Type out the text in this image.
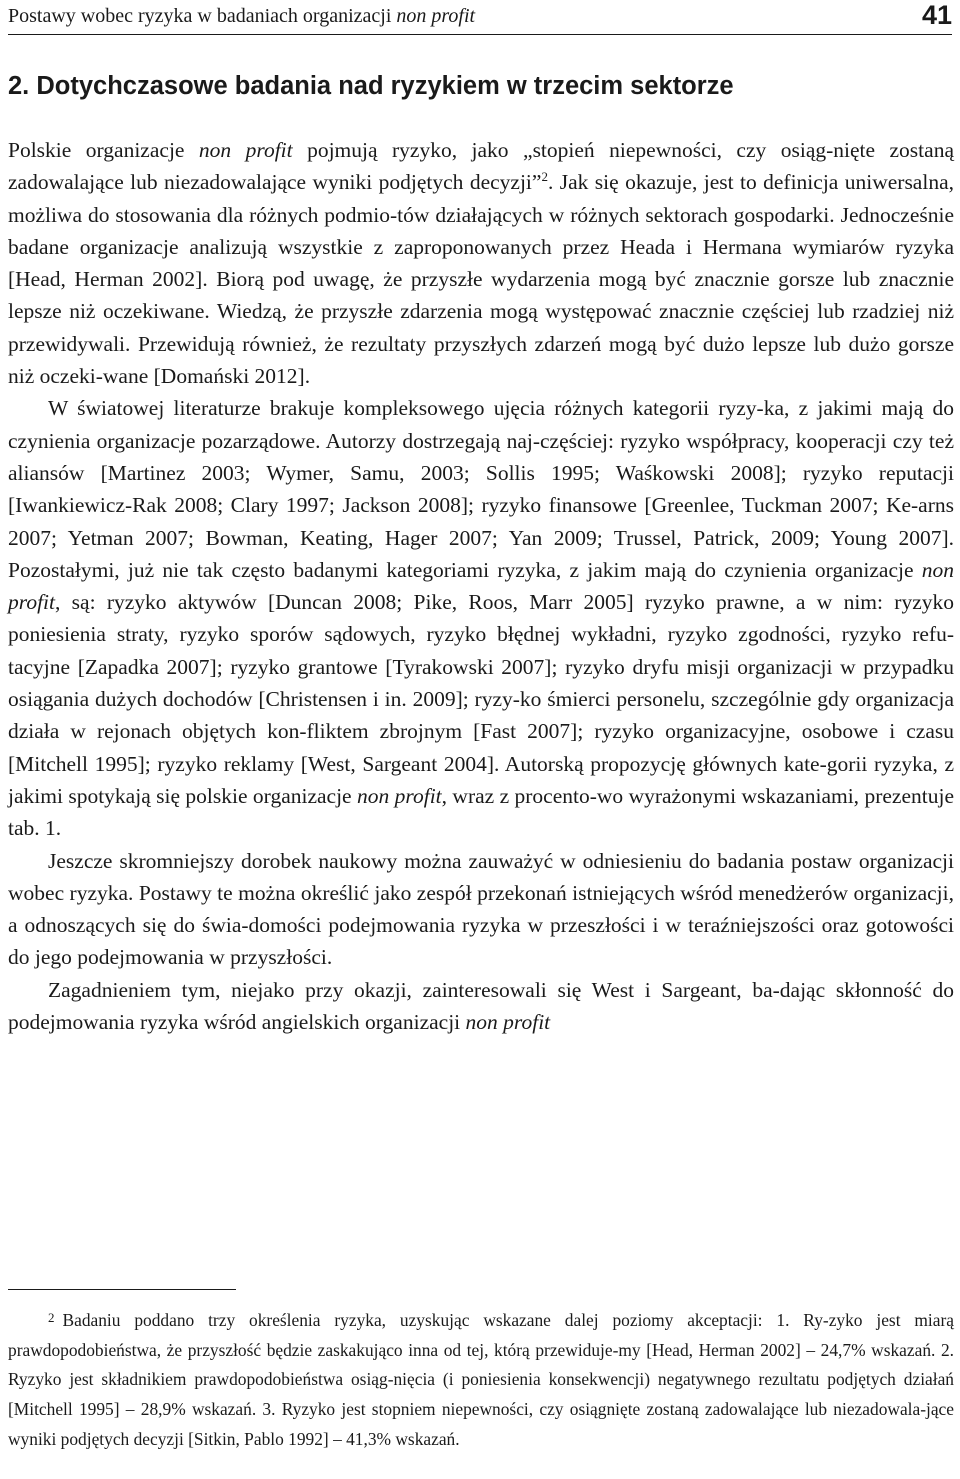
Postawy wobec ryzyka w badaniach organizacji non profit	41
2. Dotychczasowe badania nad ryzykiem w trzecim sektorze

Polskie organizacje non profit pojmują ryzyko, jako „stopień niepewności, czy osiąg-nięte zostaną zadowalające lub niezadowalające wyniki podjętych decyzji”$^2$. Jak się okazuje, jest to definicja uniwersalna, możliwa do stosowania dla różnych podmio-tów działających w różnych sektorach gospodarki. Jednocześnie badane organizacje analizują wszystkie z zaproponowanych przez Heada i Hermana wymiarów ryzyka [Head, Herman 2002]. Biorą pod uwagę, że przyszłe wydarzenia mogą być znacznie gorsze lub znacznie lepsze niż oczekiwane. Wiedzą, że przyszłe zdarzenia mogą występować znacznie częściej lub rzadziej niż przewidywali. Przewidują również, że rezultaty przyszłych zdarzeń mogą być dużo lepsze lub dużo gorsze niż oczeki-wane [Domański 2012].

W światowej literaturze brakuje kompleksowego ujęcia różnych kategorii ryzy-ka, z jakimi mają do czynienia organizacje pozarządowe. Autorzy dostrzegają naj-częściej: ryzyko współpracy, kooperacji czy też aliansów [Martinez 2003; Wymer, Samu, 2003; Sollis 1995; Waśkowski 2008]; ryzyko reputacji [Iwankiewicz-Rak 2008; Clary 1997; Jackson 2008]; ryzyko finansowe [Greenlee, Tuckman 2007; Ke-arns 2007; Yetman 2007; Bowman, Keating, Hager 2007; Yan 2009; Trussel, Patrick, 2009; Young 2007]. Pozostałymi, już nie tak często badanymi kategoriami ryzyka, z jakim mają do czynienia organizacje non profit, są: ryzyko aktywów [Duncan 2008; Pike, Roos, Marr 2005] ryzyko prawne, a w nim: ryzyko poniesienia straty, ryzyko sporów sądowych, ryzyko błędnej wykładni, ryzyko zgodności, ryzyko refu-tacyjne [Zapadka 2007]; ryzyko grantowe [Tyrakowski 2007]; ryzyko dryfu misji organizacji w przypadku osiągania dużych dochodów [Christensen i in. 2009]; ryzy-ko śmierci personelu, szczególnie gdy organizacja działa w rejonach objętych kon-fliktem zbrojnym [Fast 2007]; ryzyko organizacyjne, osobowe i czasu [Mitchell 1995]; ryzyko reklamy [West, Sargeant 2004]. Autorską propozycję głównych kate-gorii ryzyka, z jakimi spotykają się polskie organizacje non profit, wraz z procento-wo wyrażonymi wskazaniami, prezentuje tab. 1.

Jeszcze skromniejszy dorobek naukowy można zauważyć w odniesieniu do badania postaw organizacji wobec ryzyka. Postawy te można określić jako zespół przekonań istniejących wśród menedżerów organizacji, a odnoszących się do świa-domości podejmowania ryzyka w przeszłości i w teraźniejszości oraz gotowości do jego podejmowania w przyszłości.

Zagadnieniem tym, niejako przy okazji, zainteresowali się West i Sargeant, ba-dając skłonność do podejmowania ryzyka wśród angielskich organizacji non profit

$^2$ Badaniu poddano trzy określenia ryzyka, uzyskując wskazane dalej poziomy akceptacji: 1. Ry-zyko jest miarą prawdopodobieństwa, że przyszłość będzie zaskakująco inna od tej, którą przewiduje-my [Head, Herman 2002] – 24,7% wskazań. 2. Ryzyko jest składnikiem prawdopodobieństwa osiąg-nięcia (i poniesienia konsekwencji) negatywnego rezultatu podjętych działań [Mitchell 1995] – 28,9% wskazań. 3. Ryzyko jest stopniem niepewności, czy osiągnięte zostaną zadowalające lub niezadowala-jące wyniki podjętych decyzji [Sitkin, Pablo 1992] – 41,3% wskazań.
